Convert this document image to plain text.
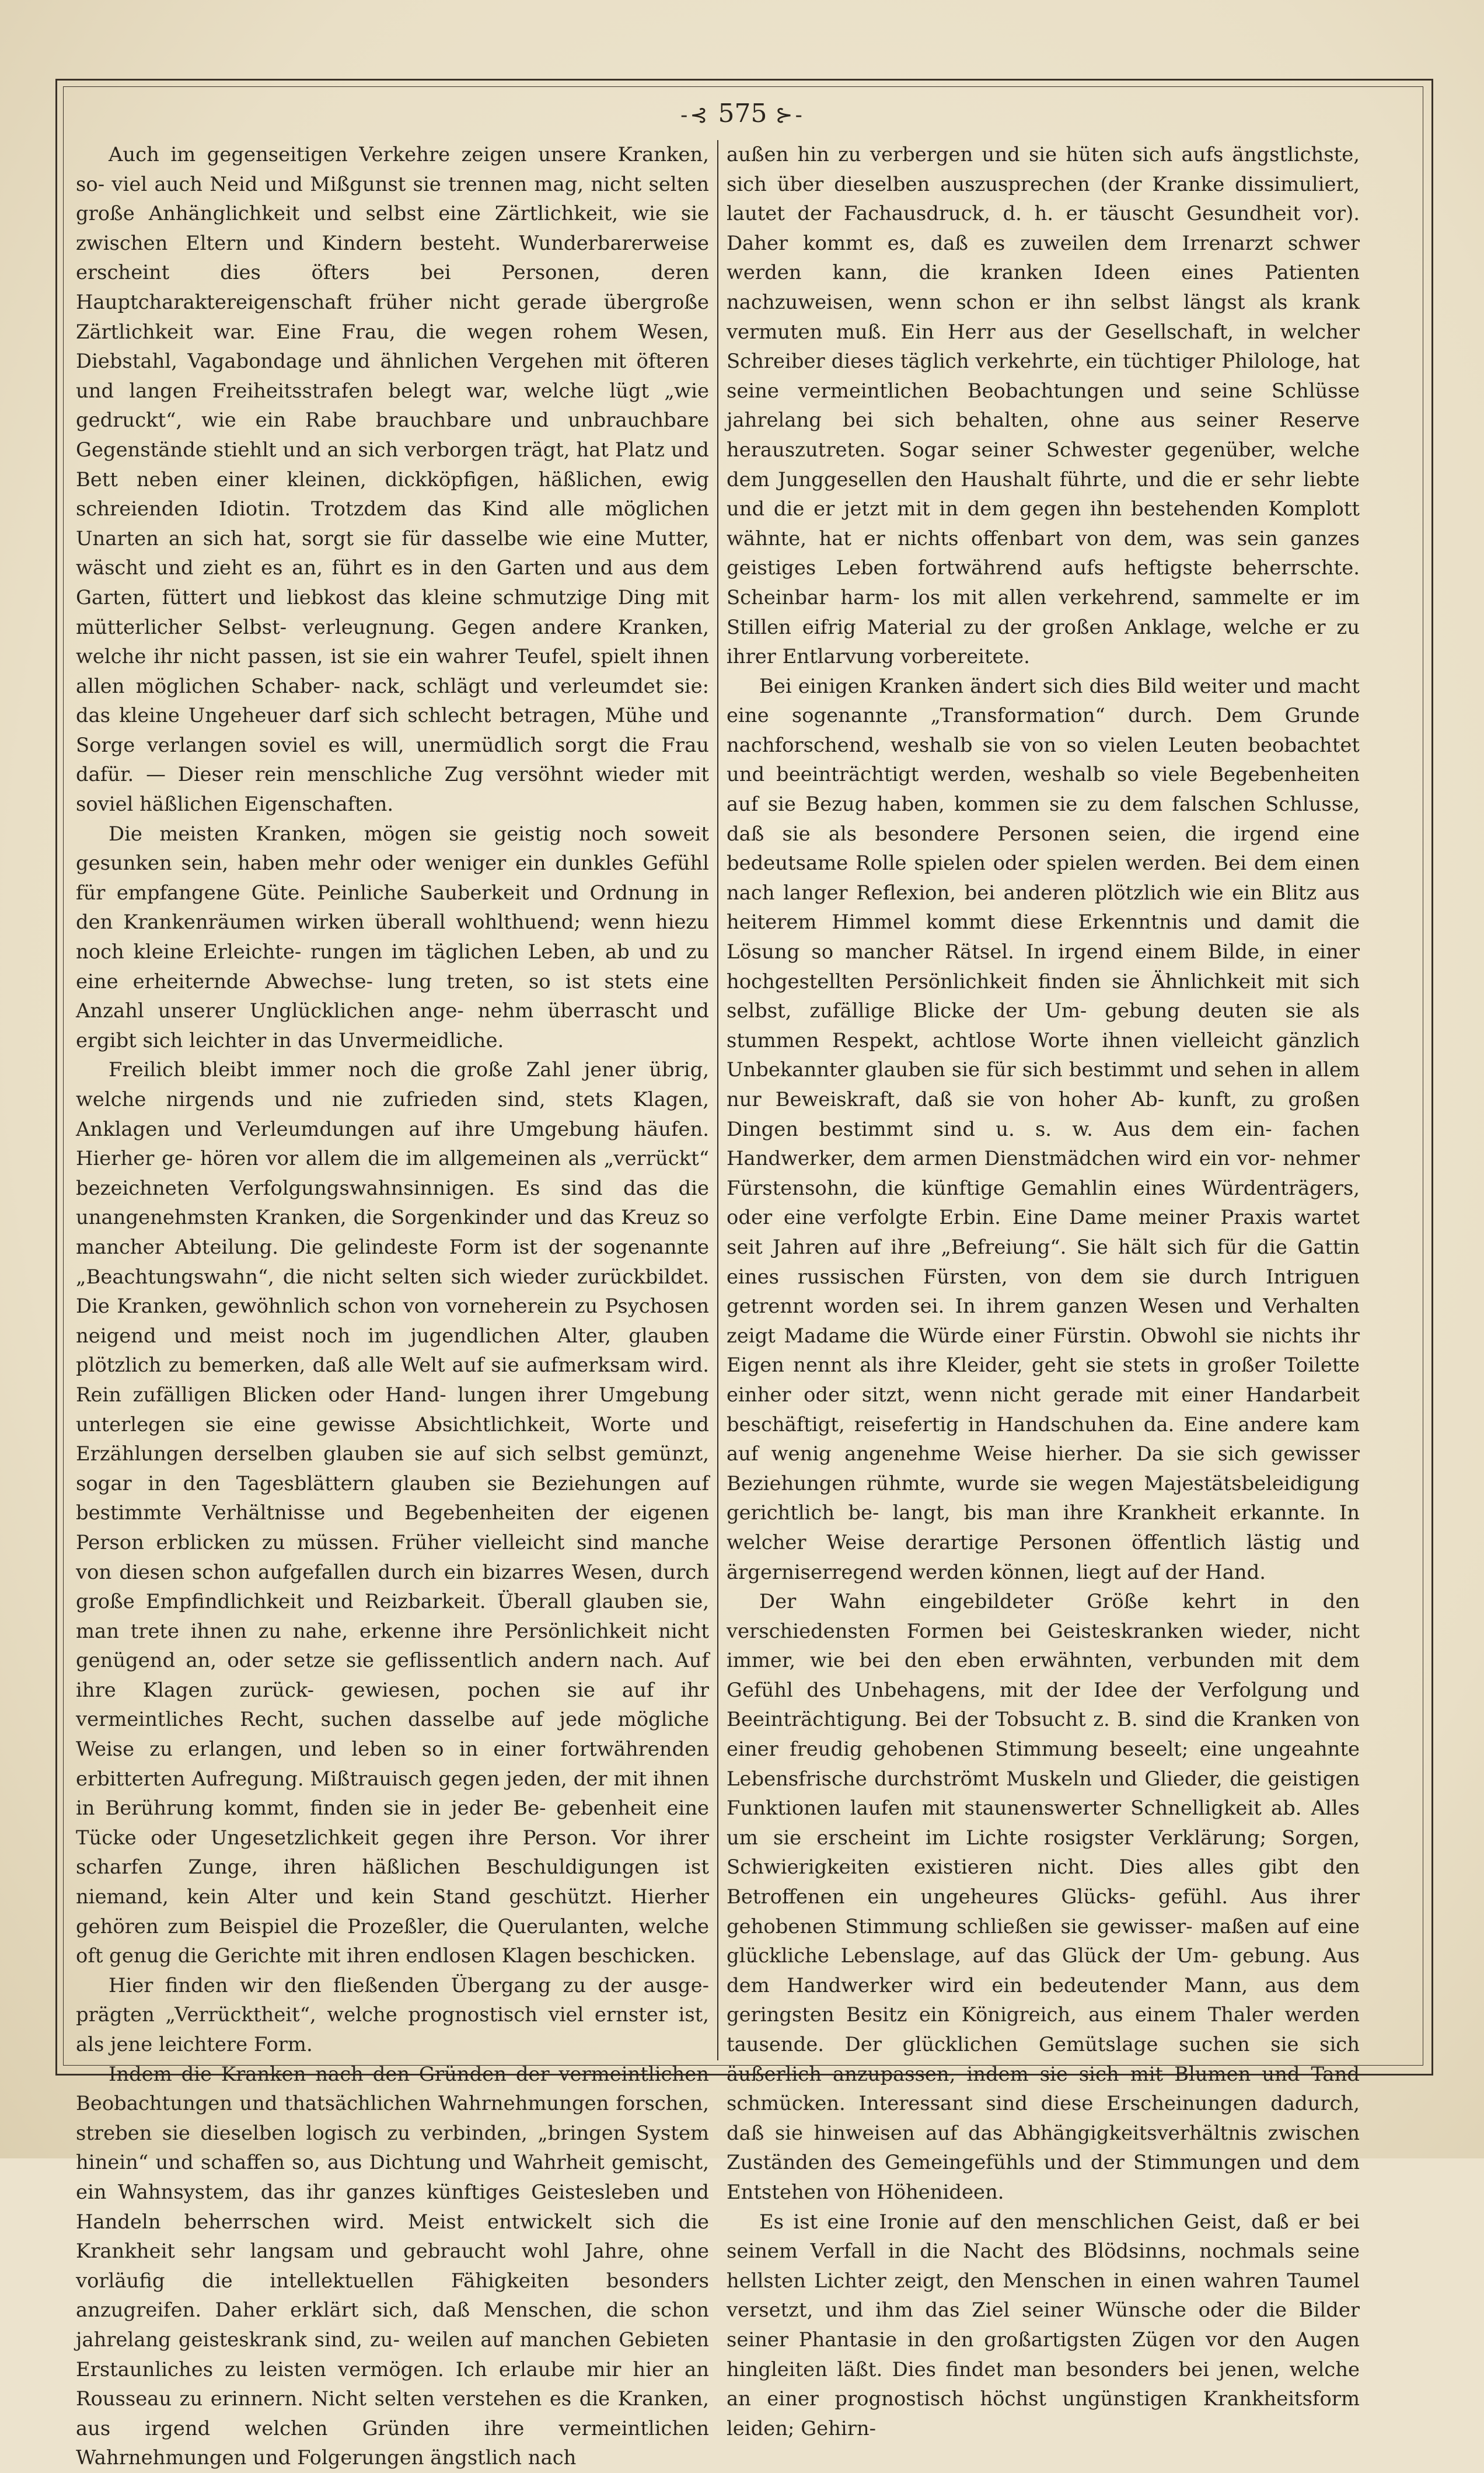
-⊰ 575 ⊱-

Auch im gegenseitigen Verkehre zeigen unsere Kranken, so- viel auch Neid und Mißgunst sie trennen mag, nicht selten große Anhänglichkeit und selbst eine Zärtlichkeit, wie sie zwischen Eltern und Kindern besteht. Wunderbarerweise erscheint dies öfters bei Personen, deren Hauptcharaktereigenschaft früher nicht gerade übergroße Zärtlichkeit war. Eine Frau, die wegen rohem Wesen, Diebstahl, Vagabondage und ähnlichen Vergehen mit öfteren und langen Freiheitsstrafen belegt war, welche lügt „wie gedruckt“, wie ein Rabe brauchbare und unbrauchbare Gegenstände stiehlt und an sich verborgen trägt, hat Platz und Bett neben einer kleinen, dickköpfigen, häßlichen, ewig schreienden Idiotin. Trotzdem das Kind alle möglichen Unarten an sich hat, sorgt sie für dasselbe wie eine Mutter, wäscht und zieht es an, führt es in den Garten und aus dem Garten, füttert und liebkost das kleine schmutzige Ding mit mütterlicher Selbst- verleugnung. Gegen andere Kranken, welche ihr nicht passen, ist sie ein wahrer Teufel, spielt ihnen allen möglichen Schaber- nack, schlägt und verleumdet sie: das kleine Ungeheuer darf sich schlecht betragen, Mühe und Sorge verlangen soviel es will, unermüdlich sorgt die Frau dafür. — Dieser rein menschliche Zug versöhnt wieder mit soviel häßlichen Eigenschaften.

Die meisten Kranken, mögen sie geistig noch soweit gesunken sein, haben mehr oder weniger ein dunkles Gefühl für empfangene Güte. Peinliche Sauberkeit und Ordnung in den Krankenräumen wirken überall wohlthuend; wenn hiezu noch kleine Erleichte- rungen im täglichen Leben, ab und zu eine erheiternde Abwechse- lung treten, so ist stets eine Anzahl unserer Unglücklichen ange- nehm überrascht und ergibt sich leichter in das Unvermeidliche.

Freilich bleibt immer noch die große Zahl jener übrig, welche nirgends und nie zufrieden sind, stets Klagen, Anklagen und Verleumdungen auf ihre Umgebung häufen. Hierher ge- hören vor allem die im allgemeinen als „verrückt“ bezeichneten Verfolgungswahnsinnigen. Es sind das die unangenehmsten Kranken, die Sorgenkinder und das Kreuz so mancher Abteilung. Die gelindeste Form ist der sogenannte „Beachtungswahn“, die nicht selten sich wieder zurückbildet. Die Kranken, gewöhnlich schon von vorneherein zu Psychosen neigend und meist noch im jugendlichen Alter, glauben plötzlich zu bemerken, daß alle Welt auf sie aufmerksam wird. Rein zufälligen Blicken oder Hand- lungen ihrer Umgebung unterlegen sie eine gewisse Absichtlichkeit, Worte und Erzählungen derselben glauben sie auf sich selbst gemünzt, sogar in den Tagesblättern glauben sie Beziehungen auf bestimmte Verhältnisse und Begebenheiten der eigenen Person erblicken zu müssen. Früher vielleicht sind manche von diesen schon aufgefallen durch ein bizarres Wesen, durch große Empfindlichkeit und Reizbarkeit. Überall glauben sie, man trete ihnen zu nahe, erkenne ihre Persönlichkeit nicht genügend an, oder setze sie geflissentlich andern nach. Auf ihre Klagen zurück- gewiesen, pochen sie auf ihr vermeintliches Recht, suchen dasselbe auf jede mögliche Weise zu erlangen, und leben so in einer fortwährenden erbitterten Aufregung. Mißtrauisch gegen jeden, der mit ihnen in Berührung kommt, finden sie in jeder Be- gebenheit eine Tücke oder Ungesetzlichkeit gegen ihre Person. Vor ihrer scharfen Zunge, ihren häßlichen Beschuldigungen ist niemand, kein Alter und kein Stand geschützt. Hierher gehören zum Beispiel die Prozeßler, die Querulanten, welche oft genug die Gerichte mit ihren endlosen Klagen beschicken.

Hier finden wir den fließenden Übergang zu der ausge- prägten „Verrücktheit“, welche prognostisch viel ernster ist, als jene leichtere Form.

Indem die Kranken nach den Gründen der vermeintlichen Beobachtungen und thatsächlichen Wahrnehmungen forschen, streben sie dieselben logisch zu verbinden, „bringen System hinein“ und schaffen so, aus Dichtung und Wahrheit gemischt, ein Wahnsystem, das ihr ganzes künftiges Geistesleben und Handeln beherrschen wird. Meist entwickelt sich die Krankheit sehr langsam und gebraucht wohl Jahre, ohne vorläufig die intellektuellen Fähigkeiten besonders anzugreifen. Daher erklärt sich, daß Menschen, die schon jahrelang geisteskrank sind, zu- weilen auf manchen Gebieten Erstaunliches zu leisten vermögen. Ich erlaube mir hier an Rousseau zu erinnern. Nicht selten verstehen es die Kranken, aus irgend welchen Gründen ihre vermeintlichen Wahrnehmungen und Folgerungen ängstlich nach

außen hin zu verbergen und sie hüten sich aufs ängstlichste, sich über dieselben auszusprechen (der Kranke dissimuliert, lautet der Fachausdruck, d. h. er täuscht Gesundheit vor). Daher kommt es, daß es zuweilen dem Irrenarzt schwer werden kann, die kranken Ideen eines Patienten nachzuweisen, wenn schon er ihn selbst längst als krank vermuten muß. Ein Herr aus der Gesellschaft, in welcher Schreiber dieses täglich verkehrte, ein tüchtiger Philologe, hat seine vermeintlichen Beobachtungen und seine Schlüsse jahrelang bei sich behalten, ohne aus seiner Reserve herauszutreten. Sogar seiner Schwester gegenüber, welche dem Junggesellen den Haushalt führte, und die er sehr liebte und die er jetzt mit in dem gegen ihn bestehenden Komplott wähnte, hat er nichts offenbart von dem, was sein ganzes geistiges Leben fortwährend aufs heftigste beherrschte. Scheinbar harm- los mit allen verkehrend, sammelte er im Stillen eifrig Material zu der großen Anklage, welche er zu ihrer Entlarvung vorbereitete.

Bei einigen Kranken ändert sich dies Bild weiter und macht eine sogenannte „Transformation“ durch. Dem Grunde nachforschend, weshalb sie von so vielen Leuten beobachtet und beeinträchtigt werden, weshalb so viele Begebenheiten auf sie Bezug haben, kommen sie zu dem falschen Schlusse, daß sie als besondere Personen seien, die irgend eine bedeutsame Rolle spielen oder spielen werden. Bei dem einen nach langer Reflexion, bei anderen plötzlich wie ein Blitz aus heiterem Himmel kommt diese Erkenntnis und damit die Lösung so mancher Rätsel. In irgend einem Bilde, in einer hochgestellten Persönlichkeit finden sie Ähnlichkeit mit sich selbst, zufällige Blicke der Um- gebung deuten sie als stummen Respekt, achtlose Worte ihnen vielleicht gänzlich Unbekannter glauben sie für sich bestimmt und sehen in allem nur Beweiskraft, daß sie von hoher Ab- kunft, zu großen Dingen bestimmt sind u. s. w. Aus dem ein- fachen Handwerker, dem armen Dienstmädchen wird ein vor- nehmer Fürstensohn, die künftige Gemahlin eines Würdenträgers, oder eine verfolgte Erbin. Eine Dame meiner Praxis wartet seit Jahren auf ihre „Befreiung“. Sie hält sich für die Gattin eines russischen Fürsten, von dem sie durch Intriguen getrennt worden sei. In ihrem ganzen Wesen und Verhalten zeigt Madame die Würde einer Fürstin. Obwohl sie nichts ihr Eigen nennt als ihre Kleider, geht sie stets in großer Toilette einher oder sitzt, wenn nicht gerade mit einer Handarbeit beschäftigt, reisefertig in Handschuhen da. Eine andere kam auf wenig angenehme Weise hierher. Da sie sich gewisser Beziehungen rühmte, wurde sie wegen Majestätsbeleidigung gerichtlich be- langt, bis man ihre Krankheit erkannte. In welcher Weise derartige Personen öffentlich lästig und ärgerniserregend werden können, liegt auf der Hand.

Der Wahn eingebildeter Größe kehrt in den verschiedensten Formen bei Geisteskranken wieder, nicht immer, wie bei den eben erwähnten, verbunden mit dem Gefühl des Unbehagens, mit der Idee der Verfolgung und Beeinträchtigung. Bei der Tobsucht z. B. sind die Kranken von einer freudig gehobenen Stimmung beseelt; eine ungeahnte Lebensfrische durchströmt Muskeln und Glieder, die geistigen Funktionen laufen mit staunenswerter Schnelligkeit ab. Alles um sie erscheint im Lichte rosigster Verklärung; Sorgen, Schwierigkeiten existieren nicht. Dies alles gibt den Betroffenen ein ungeheures Glücks- gefühl. Aus ihrer gehobenen Stimmung schließen sie gewisser- maßen auf eine glückliche Lebenslage, auf das Glück der Um- gebung. Aus dem Handwerker wird ein bedeutender Mann, aus dem geringsten Besitz ein Königreich, aus einem Thaler werden tausende. Der glücklichen Gemütslage suchen sie sich äußerlich anzupassen, indem sie sich mit Blumen und Tand schmücken. Interessant sind diese Erscheinungen dadurch, daß sie hinweisen auf das Abhängigkeitsverhältnis zwischen Zuständen des Gemeingefühls und der Stimmungen und dem Entstehen von Höhenideen.

Es ist eine Ironie auf den menschlichen Geist, daß er bei seinem Verfall in die Nacht des Blödsinns, nochmals seine hellsten Lichter zeigt, den Menschen in einen wahren Taumel versetzt, und ihm das Ziel seiner Wünsche oder die Bilder seiner Phantasie in den großartigsten Zügen vor den Augen hingleiten läßt. Dies findet man besonders bei jenen, welche an einer prognostisch höchst ungünstigen Krankheitsform leiden; Gehirn-
